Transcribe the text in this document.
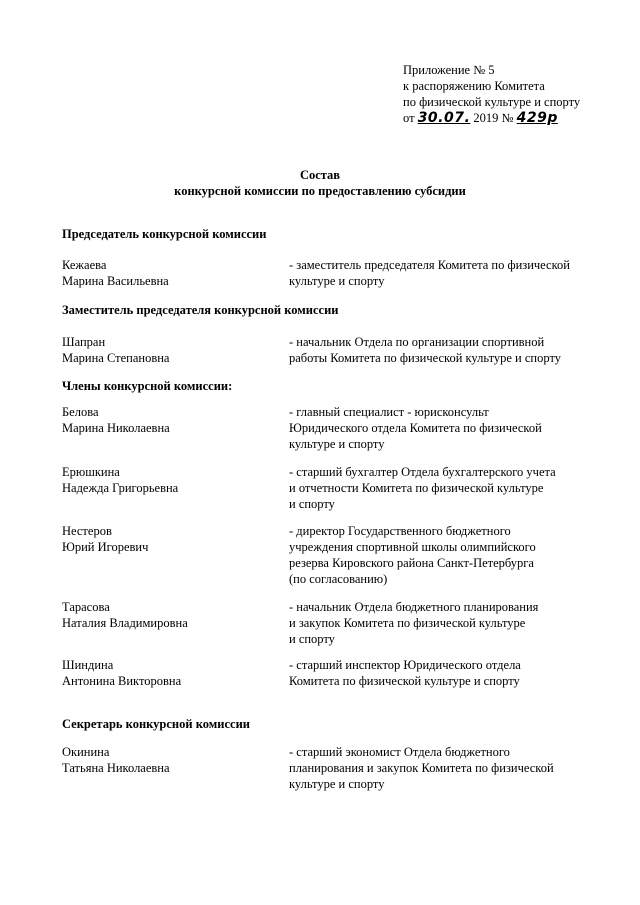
Приложение № 5
к распоряжению Комитета
по физической культуре и спорту
от 30.07. 2019 № 429р
Состав
конкурсной комиссии по предоставлению субсидии
Председатель конкурсной комиссии
Кежаева
Марина Васильевна
- заместитель председателя Комитета по физической
культуре и спорту
Заместитель председателя конкурсной комиссии
Шапран
Марина Степановна
- начальник Отдела по организации спортивной
работы Комитета по физической культуре и спорту
Члены конкурсной комиссии:
Белова
Марина Николаевна
- главный специалист - юрисконсульт
Юридического отдела Комитета по физической
культуре и спорту
Ерюшкина
Надежда Григорьевна
- старший бухгалтер Отдела бухгалтерского учета
и отчетности Комитета по физической культуре
и спорту
Нестеров
Юрий Игоревич
- директор Государственного бюджетного
учреждения спортивной школы олимпийского
резерва Кировского района Санкт-Петербурга
(по согласованию)
Тарасова
Наталия Владимировна
- начальник Отдела бюджетного планирования
и закупок Комитета по физической культуре
и спорту
Шиндина
Антонина Викторовна
- старший инспектор Юридического отдела
Комитета по физической культуре и спорту
Секретарь конкурсной комиссии
Окинина
Татьяна Николаевна
- старший экономист Отдела бюджетного
планирования и закупок Комитета по физической
культуре и спорту
